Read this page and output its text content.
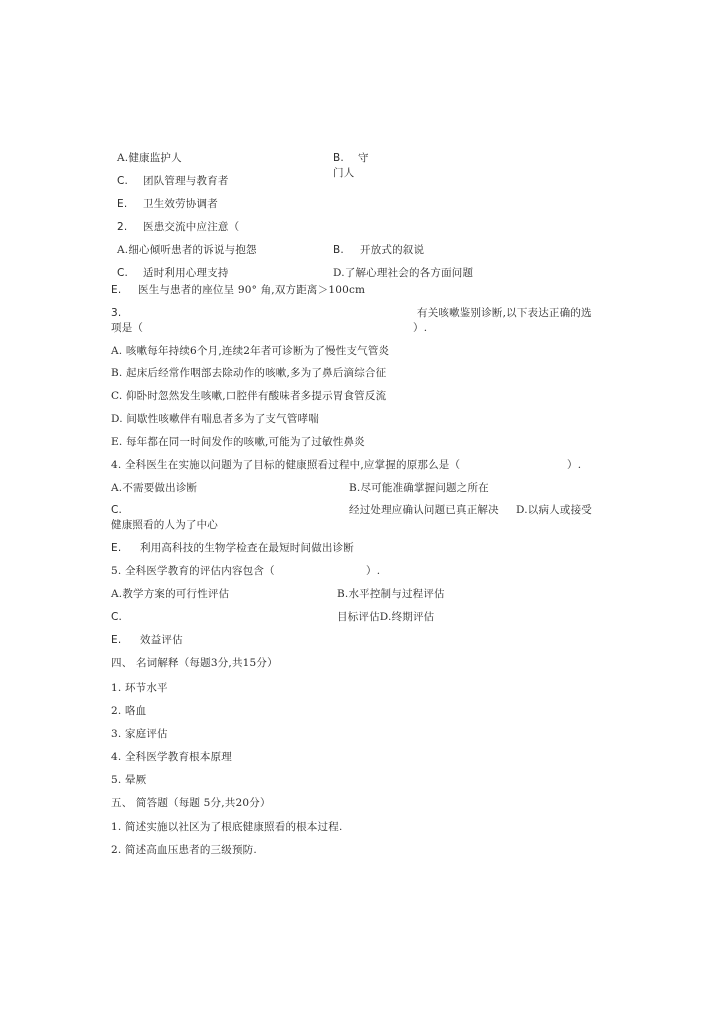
A.健康监护人	B. 守
门人
C. 团队管理与教育者
E. 卫生效劳协调者
2. 医患交流中应注意（
A.细心倾听患者的诉说与抱怨	B. 开放式的叙说
C. 适时利用心理支持	D.了解心理社会的各方面问题
E. 医生与患者的座位呈 90° 角,双方距离＞100cm
3.	有关咳嗽鉴别诊断,以下表达正确的选
项是（	）.
A. 咳嗽每年持续6个月,连续2年者可诊断为了慢性支气管炎
B. 起床后经常作咽部去除动作的咳嗽,多为了鼻后滴综合征
C. 仰卧时忽然发生咳嗽,口腔伴有酸味者多提示胃食管反流
D. 间歇性咳嗽伴有喘息者多为了支气管哮喘
E. 每年都在同一时间发作的咳嗽,可能为了过敏性鼻炎
4. 全科医生在实施以问题为了目标的健康照看过程中,应掌握的原那么是（	）.
A.不需要做出诊断	B.尽可能准确掌握问题之所在
C.	经过处理应确认问题已真正解决 D.以病人或接受
健康照看的人为了中心
E. 利用高科技的生物学检查在最短时间做出诊断
5. 全科医学教育的评估内容包含（	）.
A.教学方案的可行性评估	B.水平控制与过程评估
C.	目标评估D.终期评估
E. 效益评估
四、 名词解释（每题3分,共15分）
1. 环节水平
2. 咯血
3. 家庭评估
4. 全科医学教育根本原理
5. 晕厥
五、 简答题（每题 5分,共20分）
1. 简述实施以社区为了根底健康照看的根本过程.
2. 简述高血压患者的三级预防.
